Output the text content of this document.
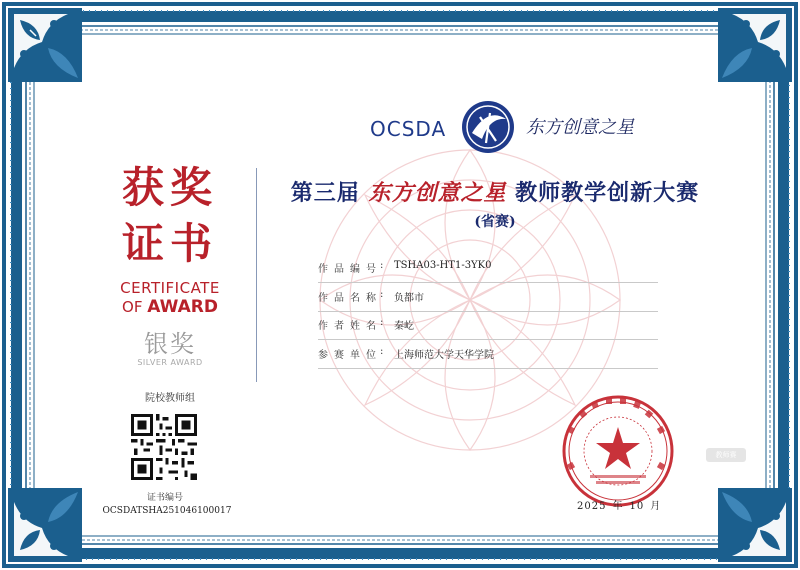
OCSDA	东方创意之星
获奖
证书
CERTIFICATE
OF AWARD
银奖
SILVER AWARD
院校教师组
证书编号
OCSDATSHA251046100017
第三届 东方创意之星 教师教学创新大赛
(省赛)
作品编号 : TSHA03-HT1-3YK0
作品名称 : 负都市
作者姓名 : 秦屹
参赛单位 : 上海师范大学天华学院
2025 年 10 月
教师赛
